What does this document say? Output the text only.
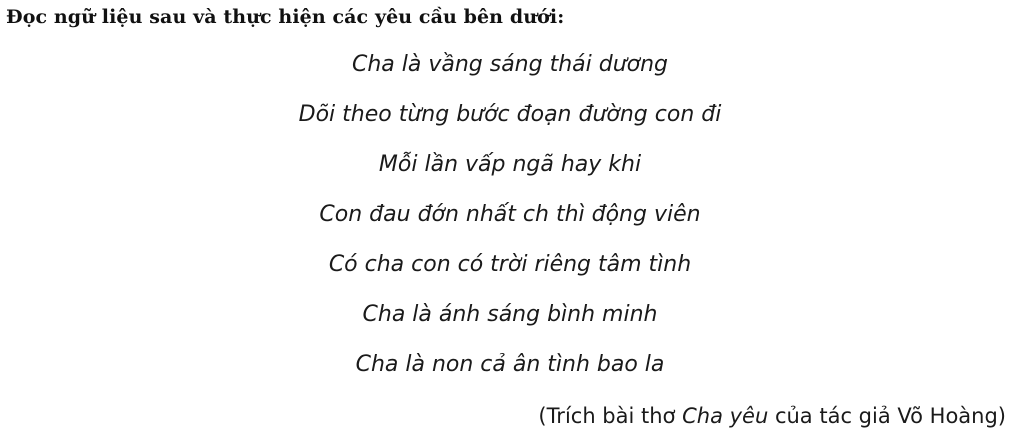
Đọc ngữ liệu sau và thực hiện các yêu cầu bên dưới:

Cha là vầng sáng thái dương
Dõi theo từng bước đoạn đường con đi
Mỗi lần vấp ngã hay khi
Con đau đớn nhất ch thì động viên
Có cha con có trời riêng tâm tình
Cha là ánh sáng bình minh
Cha là non cả ân tình bao la
(Trích bài thơ Cha yêu của tác giả Võ Hoàng)
